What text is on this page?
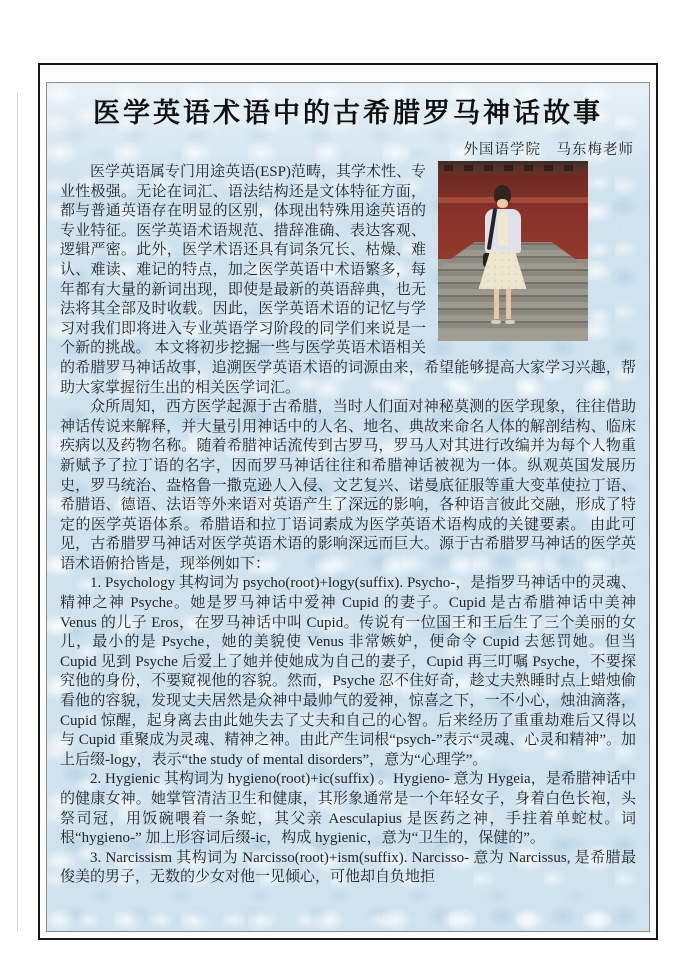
医学英语术语中的古希腊罗马神话故事
外国语学院　马东梅老师

医学英语属专门用途英语(ESP)范畴，其学术性、专业性极强。无论在词汇、语法结构还是文体特征方面，都与普通英语存在明显的区别，体现出特殊用途英语的专业特征。医学英语术语规范、措辞准确、表达客观、逻辑严密。此外，医学术语还具有词条冗长、枯燥、难认、难读、难记的特点，加之医学英语中术语繁多，每年都有大量的新词出现，即使是最新的英语辞典，也无法将其全部及时收载。因此，医学英语术语的记忆与学习对我们即将进入专业英语学习阶段的同学们来说是一个新的挑战。 本文将初步挖掘一些与医学英语术语相关的希腊罗马神话故事，追溯医学英语术语的词源由来，希望能够提高大家学习兴趣，帮助大家掌握衍生出的相关医学词汇。

众所周知，西方医学起源于古希腊，当时人们面对神秘莫测的医学现象，往往借助神话传说来解释，并大量引用神话中的人名、地名、典故来命名人体的解剖结构、临床疾病以及药物名称。随着希腊神话流传到古罗马，罗马人对其进行改编并为每个人物重新赋予了拉丁语的名字，因而罗马神话往往和希腊神话被视为一体。纵观英国发展历史，罗马统治、盎格鲁一撒克逊人入侵、文艺复兴、诺曼底征服等重大变革使拉丁语、希腊语、德语、法语等外来语对英语产生了深远的影响，各种语言彼此交融，形成了特定的医学英语体系。希腊语和拉丁语词素成为医学英语术语构成的关键要素。 由此可见，古希腊罗马神话对医学英语术语的影响深远而巨大。源于古希腊罗马神话的医学英语术语俯拾皆是，现举例如下：

1. Psychology 其构词为 psycho(root)+logy(suffix). Psycho-，是指罗马神话中的灵魂、精神之神 Psyche。她是罗马神话中爱神 Cupid 的妻子。Cupid 是古希腊神话中美神 Venus 的儿子 Eros，在罗马神话中叫 Cupid。传说有一位国王和王后生了三个美丽的女儿，最小的是 Psyche，她的美貌使 Venus 非常嫉妒，便命令 Cupid 去惩罚她。但当 Cupid 见到 Psyche 后爱上了她并使她成为自己的妻子，Cupid 再三叮嘱 Psyche，不要探究他的身份，不要窥视他的容貌。然而，Psyche 忍不住好奇，趁丈夫熟睡时点上蜡烛偷看他的容貌，发现丈夫居然是众神中最帅气的爱神，惊喜之下，一不小心，烛油滴落，Cupid 惊醒，起身离去由此她失去了丈夫和自己的心智。后来经历了重重劫难后又得以与 Cupid 重聚成为灵魂、精神之神。由此产生词根“psych-”表示“灵魂、心灵和精神”。加上后缀-logy，表示“the study of mental disorders”，意为“心理学”。

2. Hygienic 其构词为 hygieno(root)+ic(suffix) 。Hygieno- 意为 Hygeia，是希腊神话中的健康女神。她掌管清洁卫生和健康，其形象通常是一个年轻女子，身着白色长袍，头祭司冠，用饭碗喂着一条蛇，其父亲 Aesculapius 是医药之神，手拄着单蛇杖。词根“hygieno-” 加上形容词后缀-ic，构成 hygienic，意为“卫生的，保健的”。

3. Narcissism 其构词为 Narcisso(root)+ism(suffix). Narcisso- 意为 Narcissus, 是希腊最俊美的男子，无数的少女对他一见倾心，可他却自负地拒
